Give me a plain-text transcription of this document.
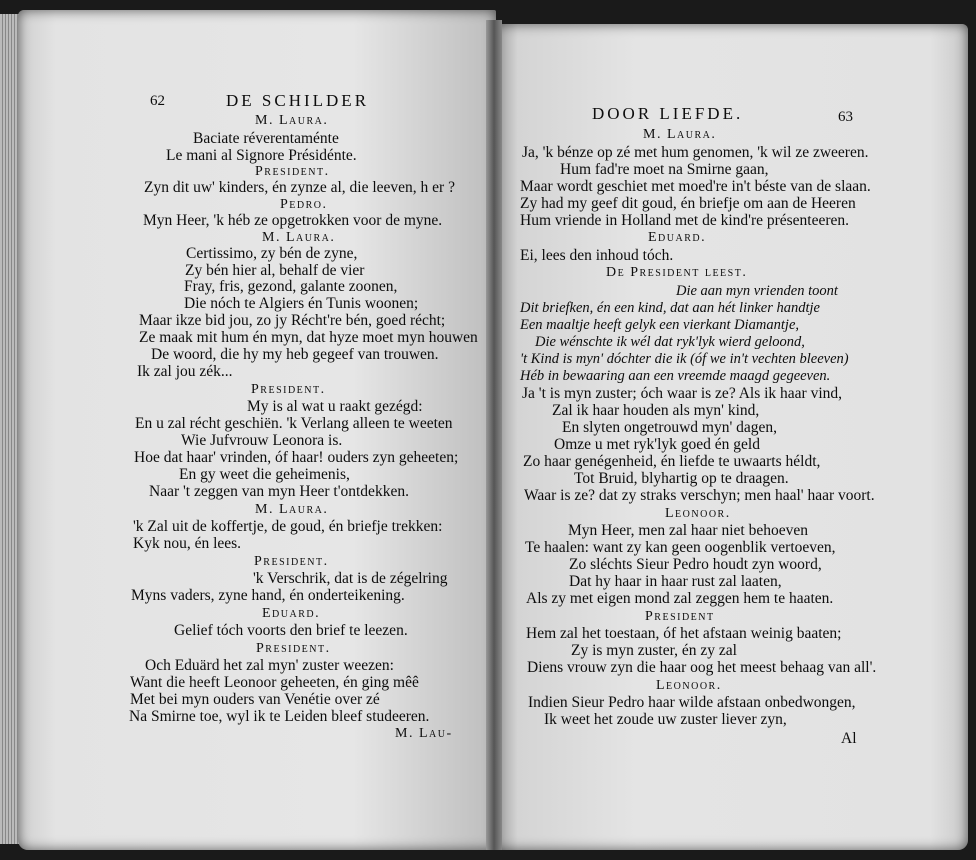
62	DE SCHILDER
M. Laura.
Baciate réverentaménte
Le mani al Signore Présidénte.
President.
Zyn dit uw' kinders, én zynze al, die leeven, h er ?
Pedro.
Myn Heer, 'k héb ze opgetrokken voor de myne.
M. Laura.
Certissimo, zy bén de zyne,
Zy bén hier al, behalf de vier
Fray, fris, gezond, galante zoonen,
Die nóch te Algiers én Tunis woonen;
Maar ikze bid jou, zo jy Récht're bén, goed récht;
Ze maak mit hum én myn, dat hyze moet myn houwen
De woord, die hy my heb gegeef van trouwen.
Ik zal jou zék...
President.
My is al wat u raakt gezégd:
En u zal récht geschiën. 'k Verlang alleen te weeten
Wie Jufvrouw Leonora is.
Hoe dat haar' vrinden, óf haar! ouders zyn geheeten;
En gy weet die geheimenis,
Naar 't zeggen van myn Heer t'ontdekken.
M. Laura.
'k Zal uit de koffertje, de goud, én briefje trekken:
Kyk nou, én lees.
President.
'k Verschrik, dat is de zégelring
Myns vaders, zyne hand, én onderteikening.
Eduard.
Gelief tóch voorts den brief te leezen.
President.
Och Eduärd het zal myn' zuster weezen:
Want die heeft Leonoor geheeten, én ging mêê
Met bei myn ouders van Venétie over zé
Na Smirne toe, wyl ik te Leiden bleef studeeren.
M. Lau-
DOOR LIEFDE.	63
M. Laura.
Ja, 'k bénze op zé met hum genomen, 'k wil ze zweeren.
Hum fad're moet na Smirne gaan,
Maar wordt geschiet met moed're in't béste van de slaan.
Zy had my geef dit goud, én briefje om aan de Heeren
Hum vriende in Holland met de kind're présenteeren.
Eduard.
Ei, lees den inhoud tóch.
De President leest.
Die aan myn vrienden toont
Dit briefken, én een kind, dat aan hét linker handtje
Een maaltje heeft gelyk een vierkant Diamantje,
Die wénschte ik wél dat ryk'lyk wierd geloond,
't Kind is myn' dóchter die ik (óf we in't vechten bleeven)
Héb in bewaaring aan een vreemde maagd gegeeven.
Ja 't is myn zuster; óch waar is ze? Als ik haar vind,
Zal ik haar houden als myn' kind,
En slyten ongetrouwd myn' dagen,
Omze u met ryk'lyk goed én geld
Zo haar genégenheid, én liefde te uwaarts héldt,
Tot Bruid, blyhartig op te draagen.
Waar is ze? dat zy straks verschyn; men haal' haar voort.
Leonoor.
Myn Heer, men zal haar niet behoeven
Te haalen: want zy kan geen oogenblik vertoeven,
Zo sléchts Sieur Pedro houdt zyn woord,
Dat hy haar in haar rust zal laaten,
Als zy met eigen mond zal zeggen hem te haaten.
President
Hem zal het toestaan, óf het afstaan weinig baaten;
Zy is myn zuster, én zy zal
Diens vrouw zyn die haar oog het meest behaag van all'.
Leonoor.
Indien Sieur Pedro haar wilde afstaan onbedwongen,
Ik weet het zoude uw zuster liever zyn,
Al
